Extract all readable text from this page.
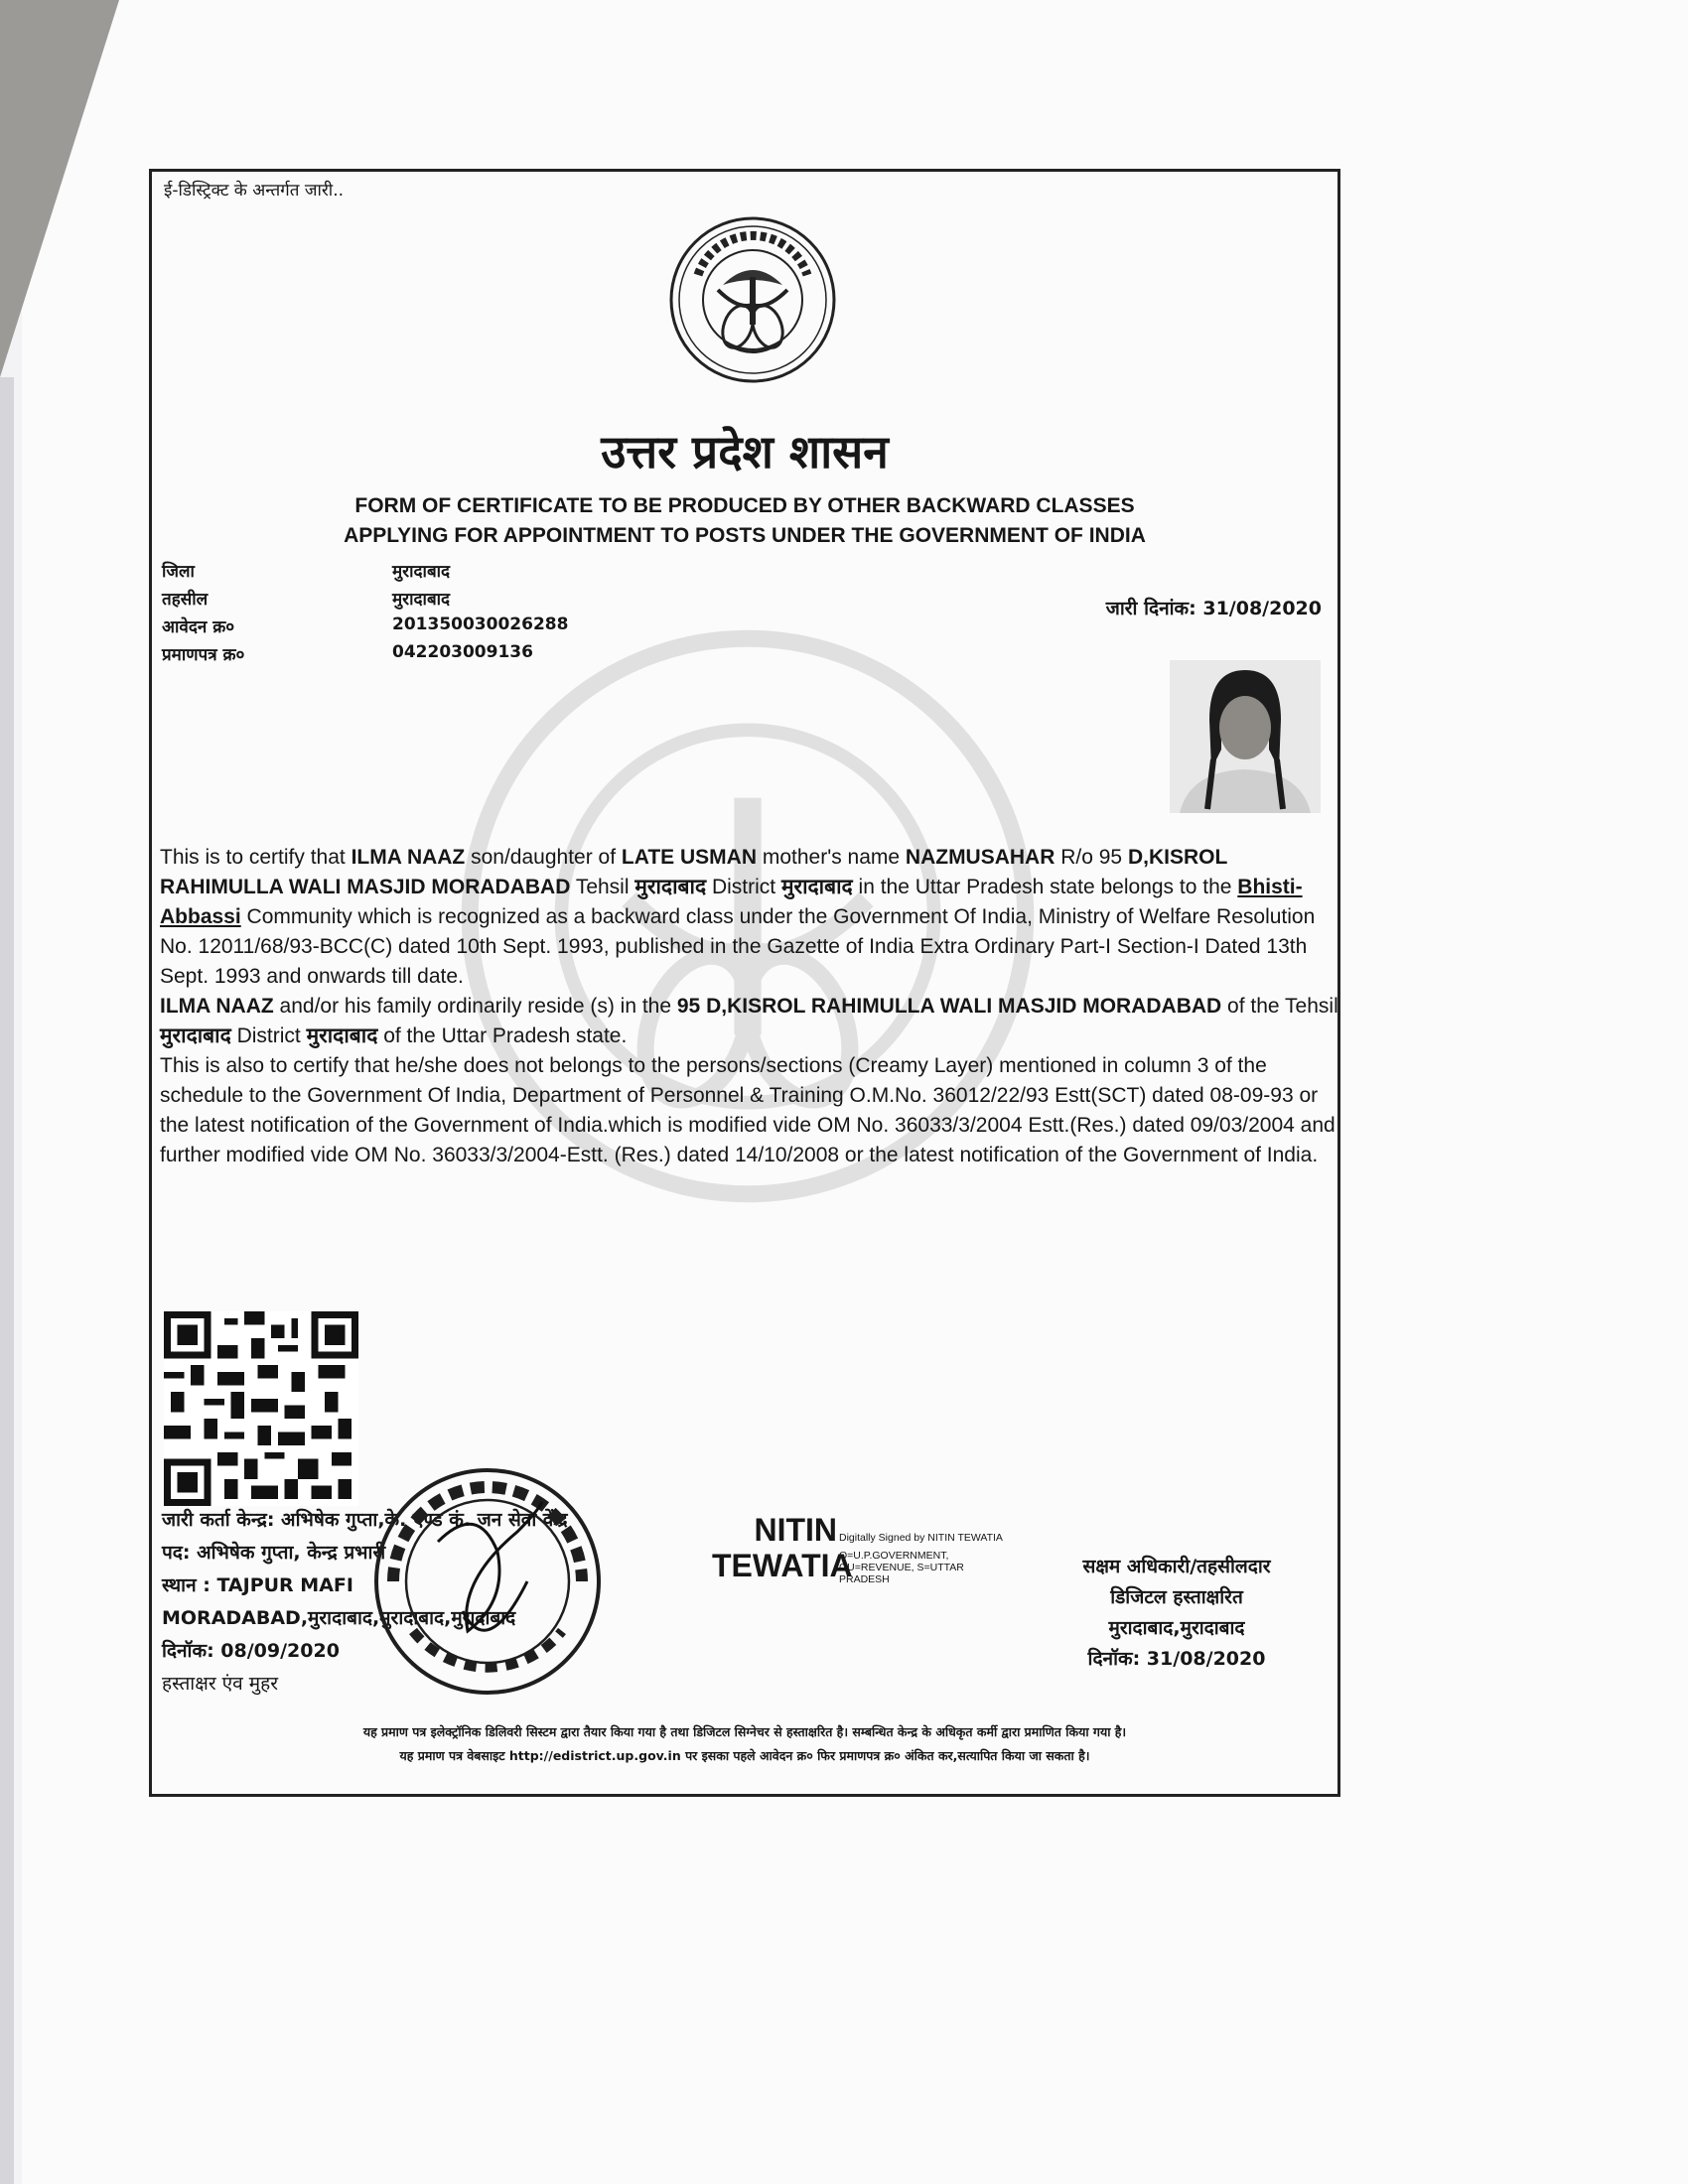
ई-डिस्ट्रिक्ट के अन्तर्गत जारी..
उत्तर प्रदेश शासन
FORM OF CERTIFICATE TO BE PRODUCED BY OTHER BACKWARD CLASSES
APPLYING FOR APPOINTMENT TO POSTS UNDER THE GOVERNMENT OF INDIA
जिला	मुरादाबाद
तहसील	मुरादाबाद
आवेदन क्र०	201350030026288
प्रमाणपत्र क्र०	042203009136
जारी दिनांक: 31/08/2020

This is to certify that ILMA NAAZ son/daughter of LATE USMAN mother's name NAZMUSAHAR R/o 95 D,KISROL RAHIMULLA WALI MASJID MORADABAD Tehsil मुरादाबाद District मुरादाबाद in the Uttar Pradesh state belongs to the Bhisti-Abbassi Community which is recognized as a backward class under the Government Of India, Ministry of Welfare Resolution No. 12011/68/93-BCC(C) dated 10th Sept. 1993, published in the Gazette of India Extra Ordinary Part-I Section-I Dated 13th Sept. 1993 and onwards till date.

ILMA NAAZ and/or his family ordinarily reside (s) in the 95 D,KISROL RAHIMULLA WALI MASJID MORADABAD of the Tehsil मुरादाबाद District मुरादाबाद of the Uttar Pradesh state.

This is also to certify that he/she does not belongs to the persons/sections (Creamy Layer) mentioned in column 3 of the schedule to the Government Of India, Department of Personnel & Training O.M.No. 36012/22/93 Estt(SCT) dated 08-09-93 or the latest notification of the Government of India.which is modified vide OM No. 36033/3/2004 Estt.(Res.) dated 09/03/2004 and further modified vide OM No. 36033/3/2004-Estt. (Res.) dated 14/10/2008 or the latest notification of the Government of India.

जारी कर्ता केन्द्र: अभिषेक गुप्ता,के. एण्ड कं. जन सेवा केंद्र
पद: अभिषेक गुप्ता, केन्द्र प्रभारी
स्थान : TAJPUR MAFI
MORADABAD,मुरादाबाद,मुरादाबाद,मुरादाबाद
दिनॉक: 08/09/2020
हस्ताक्षर एंव मुहर
NITIN Digitally Signed by NITIN TEWATIA
TEWATIA
O=U.P.GOVERNMENT, OU=REVENUE, S=UTTAR PRADESH
सक्षम अधिकारी/तहसीलदार
डिजिटल हस्ताक्षरित
मुरादाबाद,मुरादाबाद
दिनॉक: 31/08/2020
यह प्रमाण पत्र इलेक्ट्रॉनिक डिलिवरी सिस्टम द्वारा तैयार किया गया है तथा डिजिटल सिग्नेचर से हस्ताक्षरित है। सम्बन्धित केन्द्र के अधिकृत कर्मी द्वारा प्रमाणित किया गया है।
यह प्रमाण पत्र वेबसाइट http://edistrict.up.gov.in पर इसका पहले आवेदन क्र० फिर प्रमाणपत्र क्र० अंकित कर,सत्यापित किया जा सकता है।
